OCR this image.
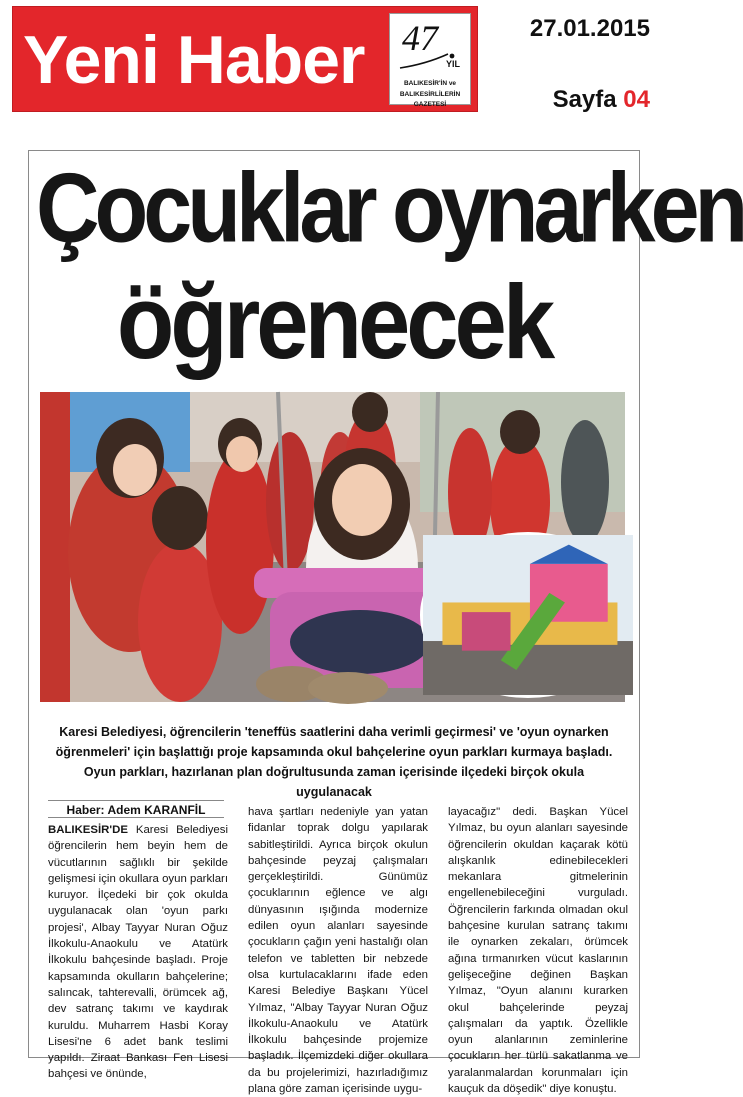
Yeni Haber	47
YIL
BALIKESİR'İN ve
BALIKESİRLİLERİN GAZETESİ
27.01.2015
Sayfa 04
Çocuklar oynarken
öğrenecek
Karesi Belediyesi, öğrencilerin 'teneffüs saatlerini daha verimli geçirmesi' ve 'oyun oynarken öğrenmeleri' için başlattığı proje kapsamında okul bahçelerine oyun parkları kurmaya başladı. Oyun parkları, hazırlanan plan doğrultusunda zaman içerisinde ilçedeki birçok okula uygulanacak
Haber: Adem KARANFİL

BALIKESİR'DE Karesi Belediyesi öğrencilerin hem beyin hem de vücutlarının sağlıklı bir şekilde gelişmesi için okullara oyun parkları kuruyor. İlçedeki bir çok okulda uygulanacak olan 'oyun parkı projesi', Albay Tayyar Nuran Oğuz İlkokulu-Anaokulu ve Atatürk İlkokulu bahçesinde başladı. Proje kapsamında okulların bahçelerine; salıncak, tahterevalli, örümcek ağ, dev satranç takımı ve kaydırak kuruldu. Muharrem Hasbi Koray Lisesi'ne 6 adet bank teslimi yapıldı. Ziraat Bankası Fen Lisesi bahçesi ve önünde,

hava şartları nedeniyle yan yatan fidanlar toprak dolgu yapılarak sabitleştirildi. Ayrıca birçok okulun bahçesinde peyzaj çalışmaları gerçekleştirildi. Günümüz çocuklarının eğlence ve algı dünyasının ışığında modernize edilen oyun alanları sayesinde çocukların çağın yeni hastalığı olan telefon ve tabletten bir nebzede olsa kurtulacaklarını ifade eden Karesi Belediye Başkanı Yücel Yılmaz, "Albay Tayyar Nuran Oğuz İlkokulu-Anaokulu ve Atatürk İlkokulu bahçesinde projemize başladık. İlçemizdeki diğer okullara da bu projelerimizi, hazırladığımız plana göre zaman içerisinde uygu-

layacağız" dedi. Başkan Yücel Yılmaz, bu oyun alanları sayesinde öğrencilerin okuldan kaçarak kötü alışkanlık edinebilecekleri mekanlara gitmelerinin engellenebileceğini vurguladı. Öğrencilerin farkında olmadan okul bahçesine kurulan satranç takımı ile oynarken zekaları, örümcek ağına tırmanırken vücut kaslarının gelişeceğine değinen Başkan Yılmaz, "Oyun alanını kurarken okul bahçelerinde peyzaj çalışmaları da yaptık. Özellikle oyun alanlarının zeminlerine çocukların her türlü sakatlanma ve yaralanmalardan korunmaları için kauçuk da döşedik" diye konuştu.
